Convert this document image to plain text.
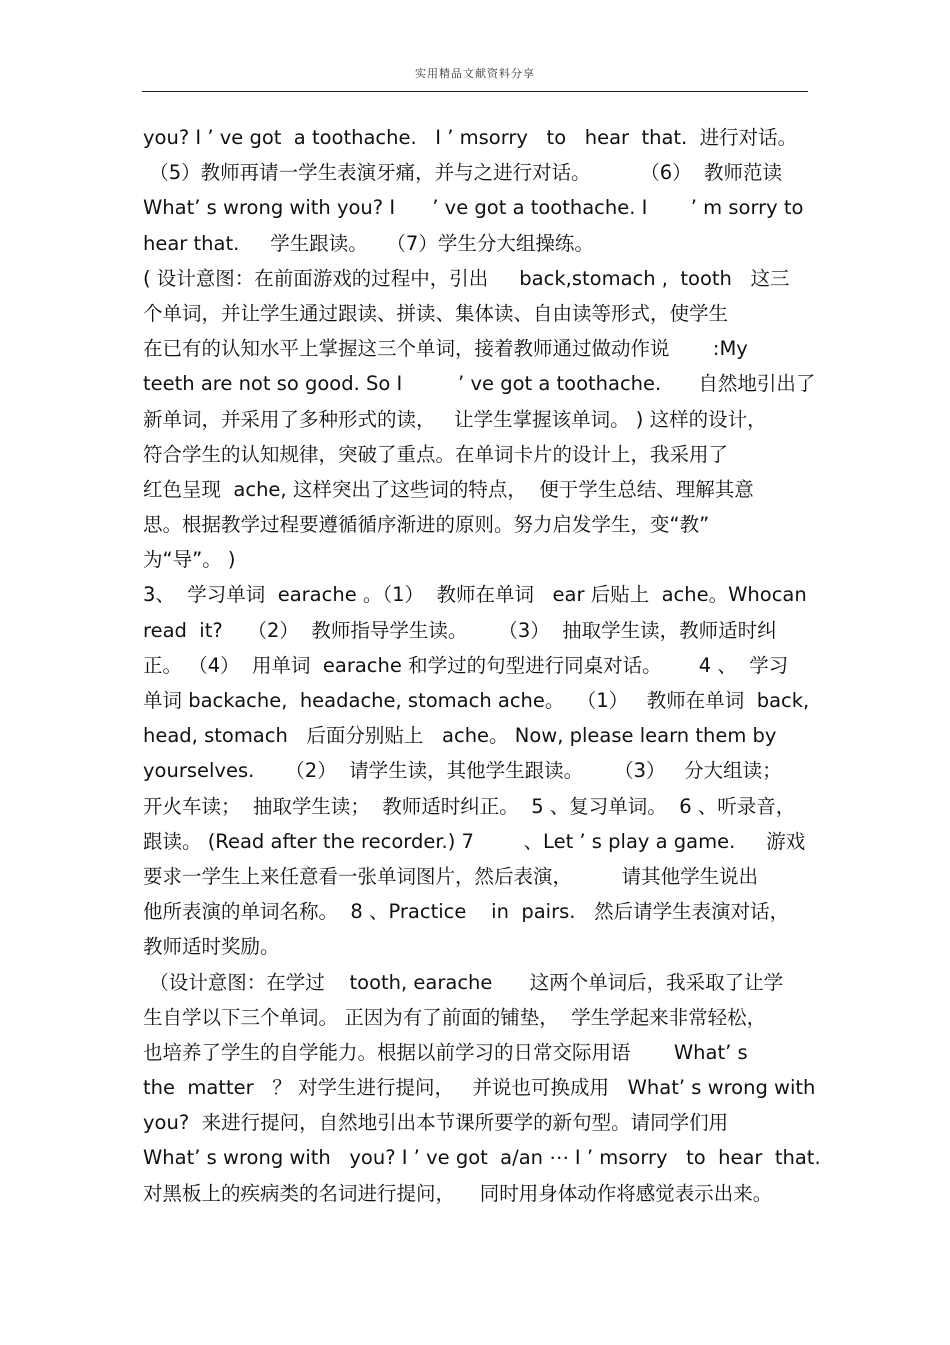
实用精品文献资料分享
you? I ’ ve got  a toothache.   I ’ msorry   to   hear  that.  进行对话。
（5）教师再请一学生表演牙痛，并与之进行对话。        （6）  教师范读
What’ s wrong with you? I      ’ ve got a toothache. I       ’ m sorry to
hear that.     学生跟读。   （7）学生分大组操练。
( 设计意图：在前面游戏的过程中，引出     back,stomach ,  tooth   这三
个单词，并让学生通过跟读、拼读、集体读、自由读等形式，使学生
在已有的认知水平上掌握这三个单词，接着教师通过做动作说       :My
teeth are not so good. So I         ’ ve got a toothache.      自然地引出了
新单词，并采用了多种形式的读，   让学生掌握该单词。 ) 这样的设计，
符合学生的认知规律，突破了重点。在单词卡片的设计上，我采用了
红色呈现  ache, 这样突出了这些词的特点，  便于学生总结、理解其意
思。根据教学过程要遵循循序渐进的原则。努力启发学生，变“教”
为“导”。 )
3、  学习单词  earache 。（1）  教师在单词   ear 后贴上  ache。Whocan
read  it?    （2）  教师指导学生读。     （3）  抽取学生读，教师适时纠
正。 （4）  用单词  earache 和学过的句型进行同桌对话。      4 、  学习
单词 backache,  headache, stomach ache。  （1）   教师在单词  back,
head, stomach   后面分别贴上   ache。 Now, please learn them by
yourselves.     （2）  请学生读，其他学生跟读。     （3）   分大组读；
开火车读；  抽取学生读；  教师适时纠正。  5 、复习单词。  6 、听录音，
跟读。 (Read after the recorder.) 7        、Let ’ s play a game.     游戏
要求一学生上来任意看一张单词图片，然后表演，        请其他学生说出
他所表演的单词名称。  8 、Practice    in  pairs.   然后请学生表演对话，
教师适时奖励。
（设计意图：在学过    tooth, earache      这两个单词后，我采取了让学
生自学以下三个单词。 正因为有了前面的铺垫，  学生学起来非常轻松，
也培养了学生的自学能力。根据以前学习的日常交际用语       What’ s
the  matter   ？ 对学生进行提问，   并说也可换成用   What’ s wrong with
you?  来进行提问，自然地引出本节课所要学的新句型。请同学们用
What’ s wrong with   you? I ’ ve got  a/an ⋯ I ’ msorry   to  hear  that.
对黑板上的疾病类的名词进行提问，    同时用身体动作将感觉表示出来。
